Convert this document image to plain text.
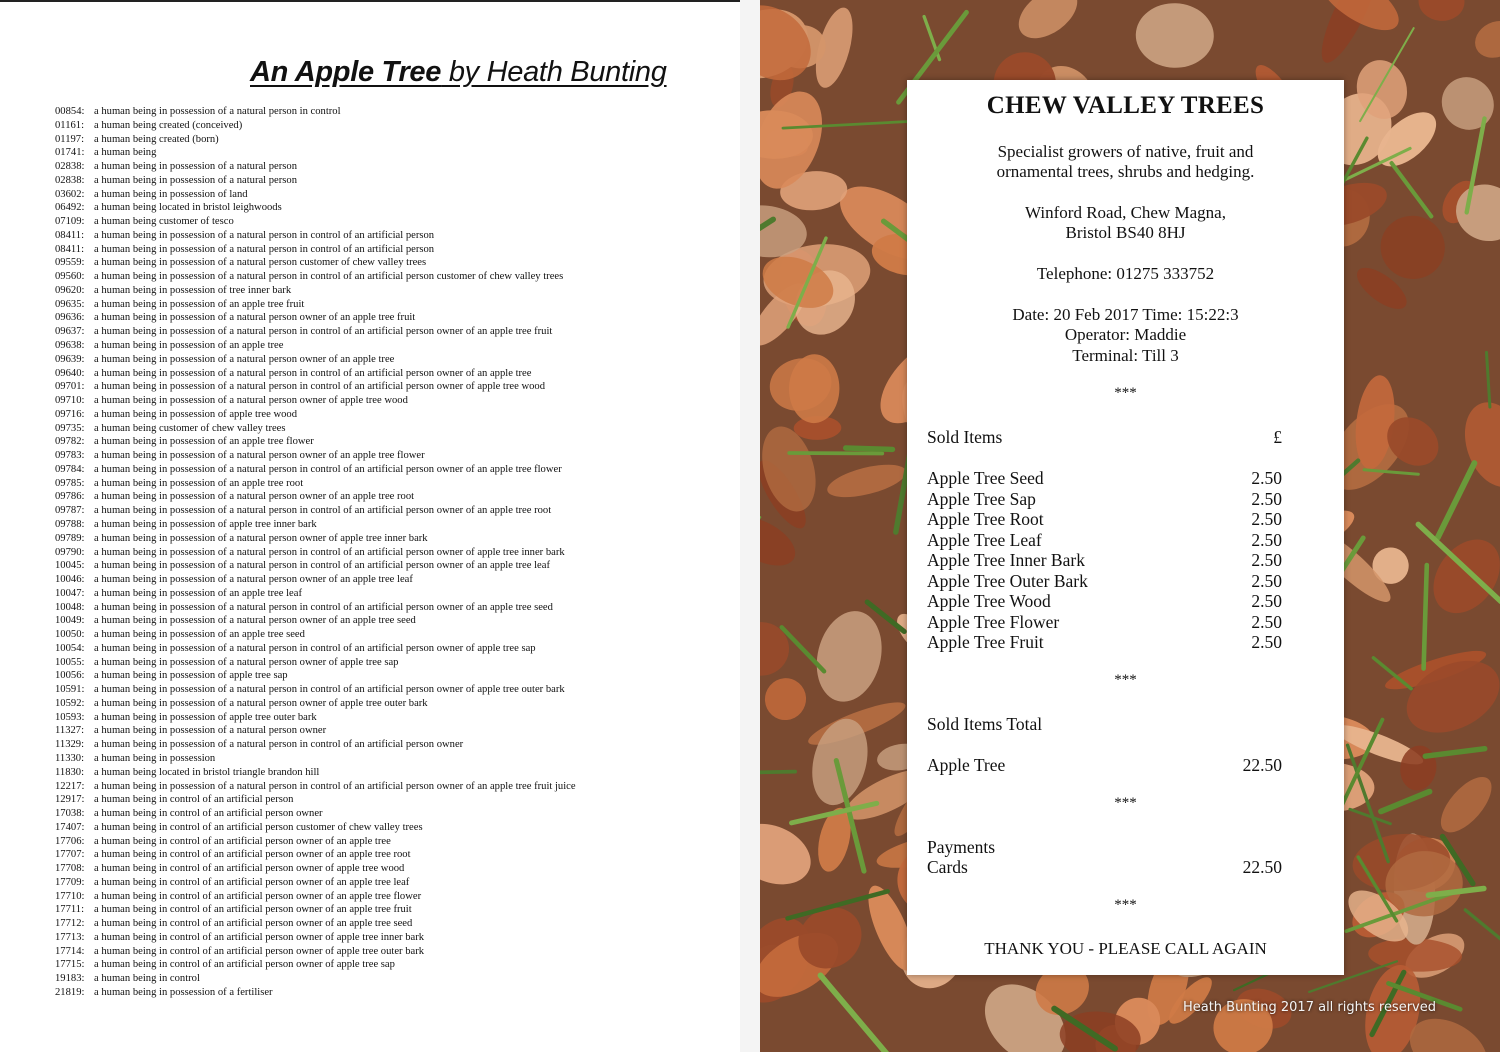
An Apple Tree by Heath Bunting
00854: a human being in possession of a natural person in control
01161: a human being created (conceived)
01197: a human being created (born)
01741: a human being
02838: a human being in possession of a natural person
02838: a human being in possession of a natural person
03602: a human being in possession of land
06492: a human being located in bristol leighwoods
07109: a human being customer of tesco
08411: a human being in possession of a natural person in control of an artificial person
08411: a human being in possession of a natural person in control of an artificial person
09559: a human being in possession of a natural person customer of chew valley trees
09560: a human being in possession of a natural person in control of an artificial person customer of chew valley trees
09620: a human being in possession of tree inner bark
09635: a human being in possession of an apple tree fruit
09636: a human being in possession of a natural person owner of an apple tree fruit
09637: a human being in possession of a natural person in control of an artificial person owner of an apple tree fruit
09638: a human being in possession of an apple tree
09639: a human being in possession of a natural person owner of an apple tree
09640: a human being in possession of a natural person in control of an artificial person owner of an apple tree
09701: a human being in possession of a natural person in control of an artificial person owner of apple tree wood
09710: a human being in possession of a natural person owner of apple tree wood
09716: a human being in possession of apple tree wood
09735: a human being customer of chew valley trees
09782: a human being in possession of an apple tree flower
09783: a human being in possession of a natural person owner of an apple tree flower
09784: a human being in possession of a natural person in control of an artificial person owner of an apple tree flower
09785: a human being in possession of an apple tree root
09786: a human being in possession of a natural person owner of an apple tree root
09787: a human being in possession of a natural person in control of an artificial person owner of an apple tree root
09788: a human being in possession of apple tree inner bark
09789: a human being in possession of a natural person owner of apple tree inner bark
09790: a human being in possession of a natural person in control of an artificial person owner of apple tree inner bark
10045: a human being in possession of a natural person in control of an artificial person owner of an apple tree leaf
10046: a human being in possession of a natural person owner of an apple tree leaf
10047: a human being in possession of an apple tree leaf
10048: a human being in possession of a natural person in control of an artificial person owner of an apple tree seed
10049: a human being in possession of a natural person owner of an apple tree seed
10050: a human being in possession of an apple tree seed
10054: a human being in possession of a natural person in control of an artificial person owner of apple tree sap
10055: a human being in possession of a natural person owner of apple tree sap
10056: a human being in possession of apple tree sap
10591: a human being in possession of a natural person in control of an artificial person owner of apple tree outer bark
10592: a human being in possession of a natural person owner of apple tree outer bark
10593: a human being in possession of apple tree outer bark
11327: a human being in possession of a natural person owner
11329: a human being in possession of a natural person in control of an artificial person owner
11330: a human being in possession
11830: a human being located in bristol triangle brandon hill
12217: a human being in possession of a natural person in control of an artificial person owner of an apple tree fruit juice
12917: a human being in control of an artificial person
17038: a human being in control of an artificial person owner
17407: a human being in control of an artificial person customer of chew valley trees
17706: a human being in control of an artificial person owner of an apple tree
17707: a human being in control of an artificial person owner of an apple tree root
17708: a human being in control of an artificial person owner of apple tree wood
17709: a human being in control of an artificial person owner of an apple tree leaf
17710: a human being in control of an artificial person owner of an apple tree flower
17711: a human being in control of an artificial person owner of an apple tree fruit
17712: a human being in control of an artificial person owner of an apple tree seed
17713: a human being in control of an artificial person owner of apple tree inner bark
17714: a human being in control of an artificial person owner of apple tree outer bark
17715: a human being in control of an artificial person owner of apple tree sap
19183: a human being in control
21819: a human being in possession of a fertiliser
CHEW VALLEY TREES
Specialist growers of native, fruit and
ornamental trees, shrubs and hedging.
Winford Road, Chew Magna,
Bristol BS40 8HJ
Telephone: 01275 333752
Date: 20 Feb 2017 Time: 15:22:3
Operator: Maddie
Terminal: Till 3
***
Sold Items	£
Apple Tree Seed	2.50
Apple Tree Sap	2.50
Apple Tree Root	2.50
Apple Tree Leaf	2.50
Apple Tree Inner Bark	2.50
Apple Tree Outer Bark	2.50
Apple Tree Wood	2.50
Apple Tree Flower	2.50
Apple Tree Fruit	2.50
***
Sold Items Total
Apple Tree	22.50
***
Payments
Cards	22.50
***
THANK YOU - PLEASE CALL AGAIN
Heath Bunting 2017 all rights reserved
